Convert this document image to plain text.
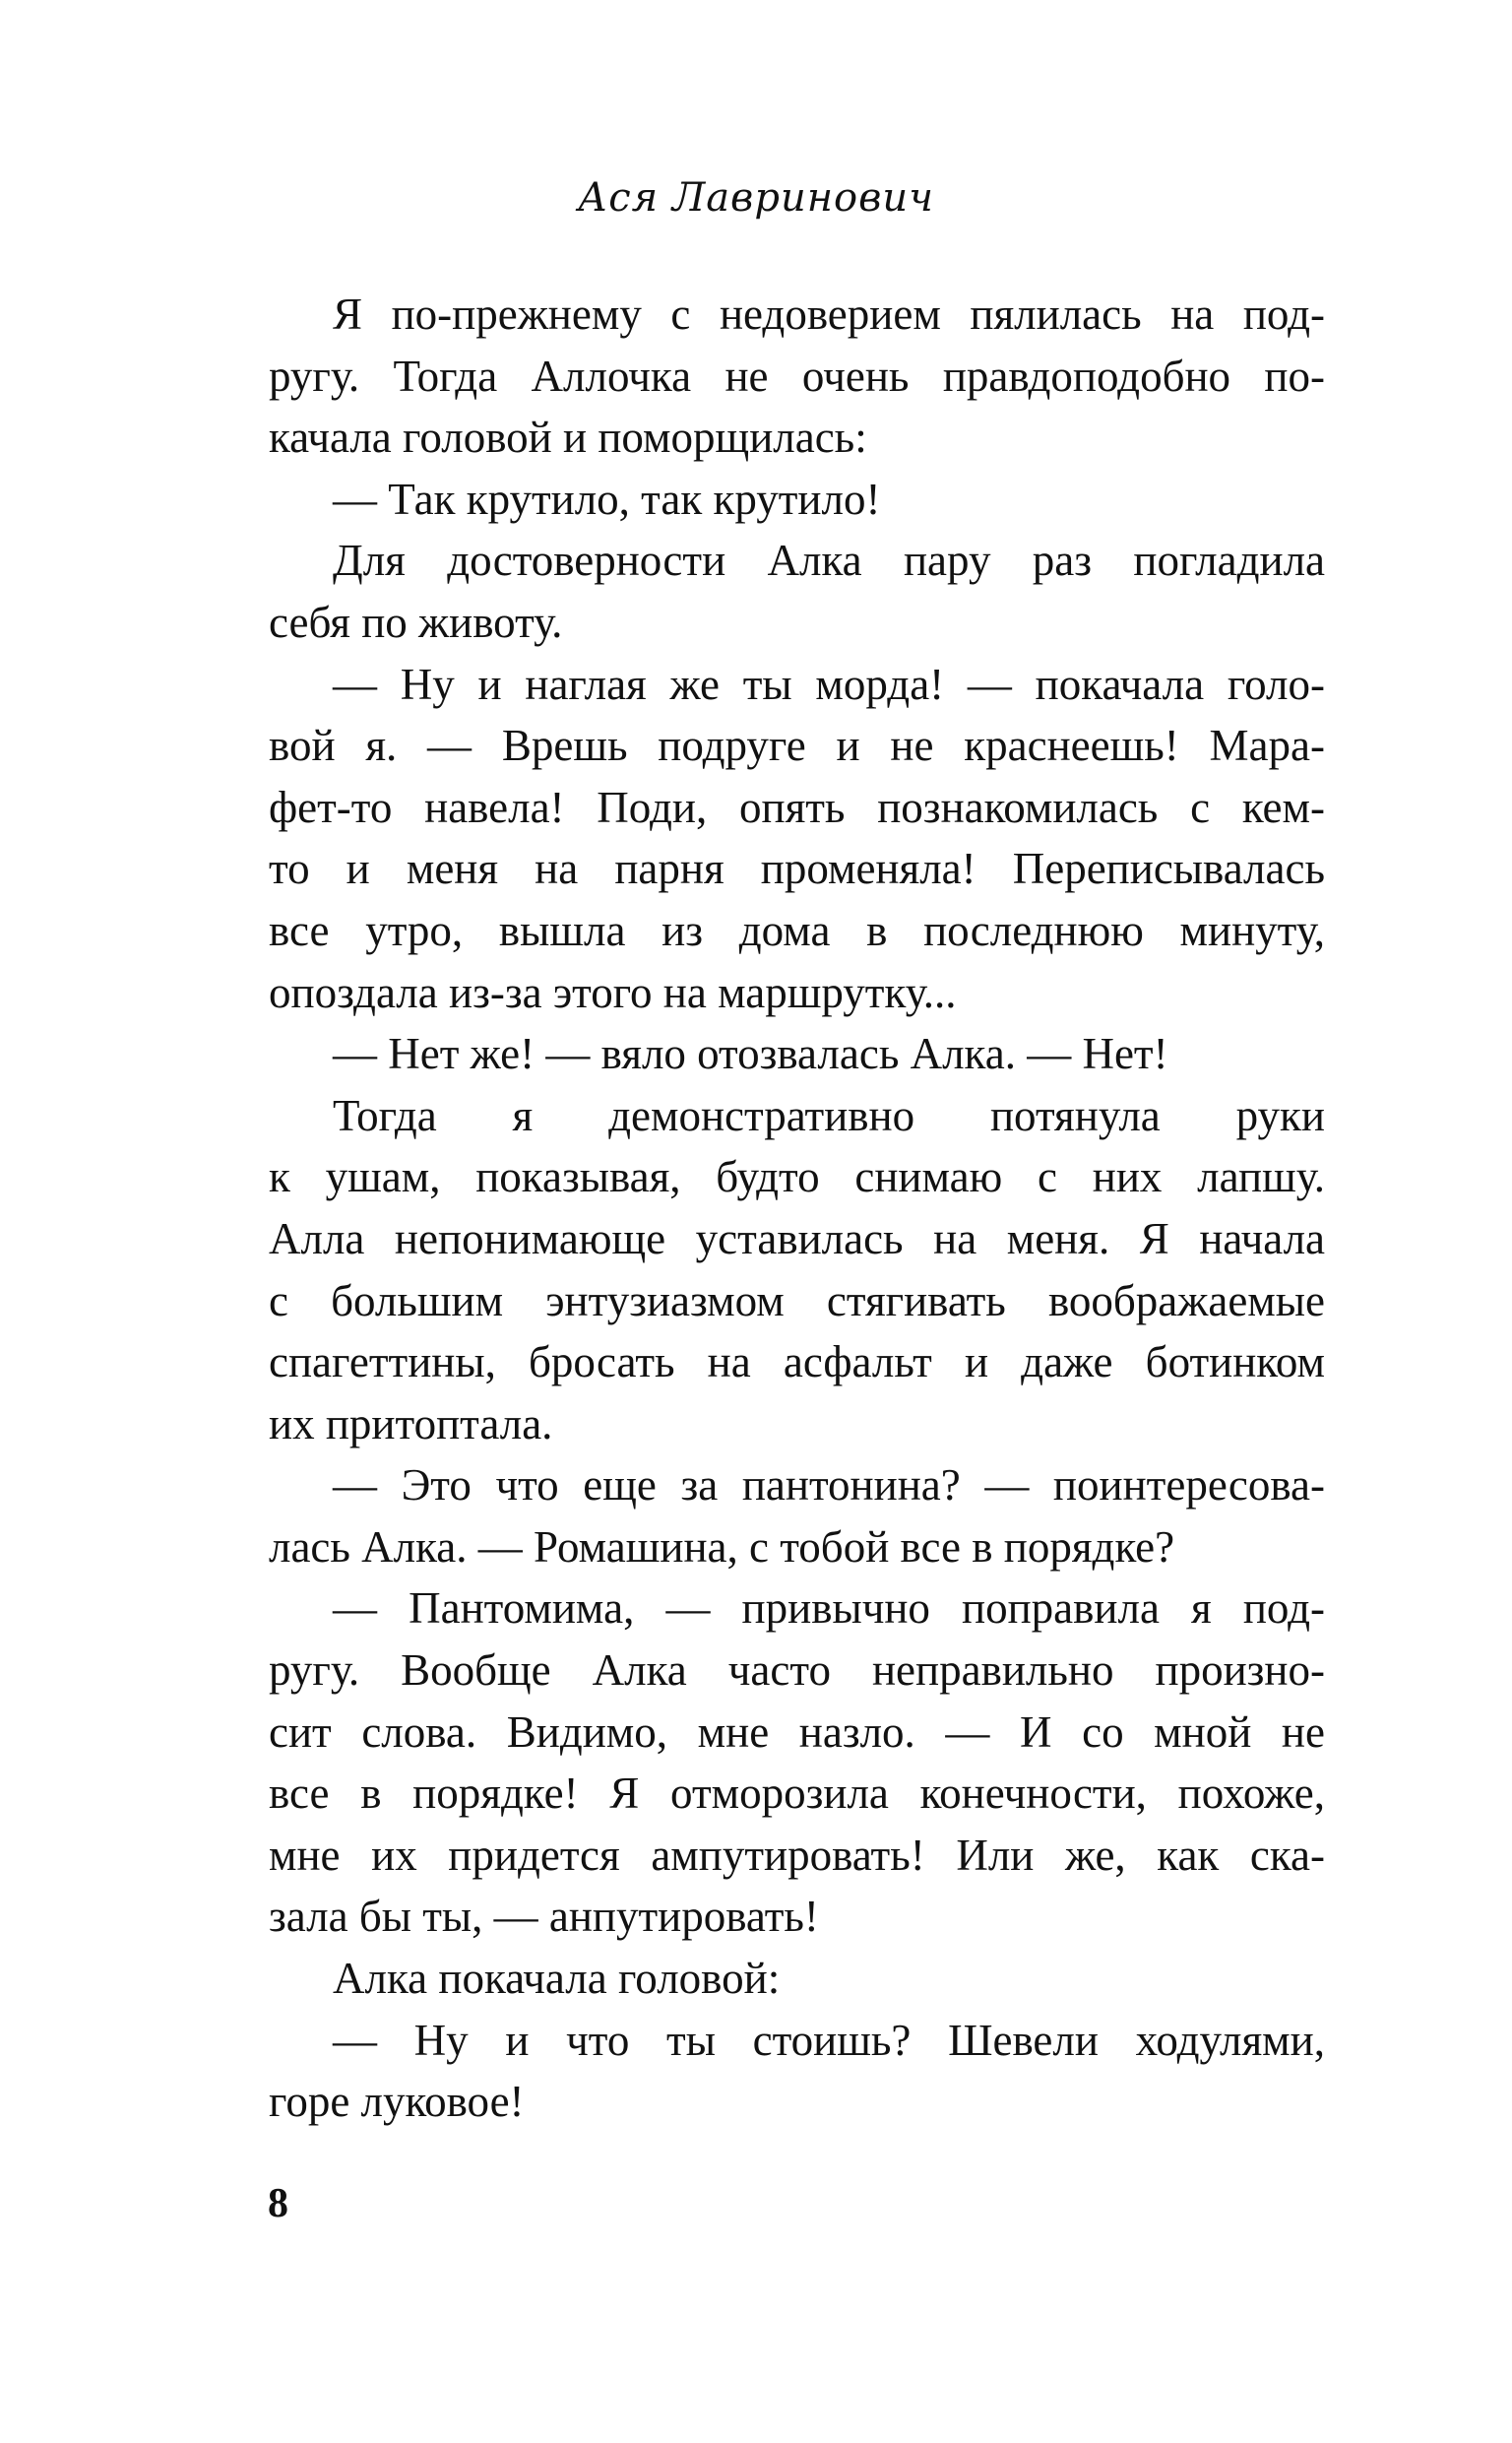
Ася Лавринович
Я по-прежнему с недоверием пялилась на под-
ругу. Тогда Аллочка не очень правдоподобно по-
качала головой и поморщилась:
— Так крутило, так крутило!
Для достоверности Алка пару раз погладила
себя по животу.
— Ну и наглая же ты морда! — покачала голо-
вой я. — Врешь подруге и не краснеешь! Мара-
фет-то навела! Поди, опять познакомилась с кем-
то и меня на парня променяла! Переписывалась
все утро, вышла из дома в последнюю минуту,
опоздала из-за этого на маршрутку...
— Нет же! — вяло отозвалась Алка. — Нет!
Тогда я демонстративно потянула руки
к ушам, показывая, будто снимаю с них лапшу.
Алла непонимающе уставилась на меня. Я начала
с большим энтузиазмом стягивать воображаемые
спагеттины, бросать на асфальт и даже ботинком
их притоптала.
— Это что еще за пантонина? — поинтересова-
лась Алка. — Ромашина, с тобой все в порядке?
— Пантомима, — привычно поправила я под-
ругу. Вообще Алка часто неправильно произно-
сит слова. Видимо, мне назло. — И со мной не
все в порядке! Я отморозила конечности, похоже,
мне их придется ампутировать! Или же, как ска-
зала бы ты, — анпутировать!
Алка покачала головой:
— Ну и что ты стоишь? Шевели ходулями,
горе луковое!
8
